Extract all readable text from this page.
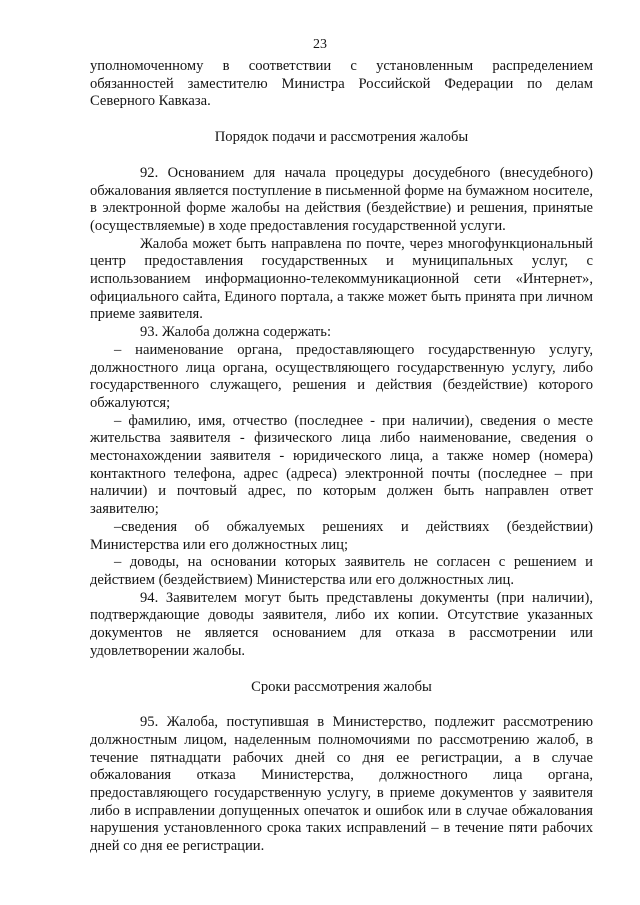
23

уполномоченному в соответствии с установленным распределением обязанностей заместителю Министра Российской Федерации по делам Северного Кавказа.

Порядок подачи и рассмотрения жалобы

92. Основанием для начала процедуры досудебного (внесудебного) обжалования является поступление в письменной форме на бумажном носителе, в электронной форме жалобы на действия (бездействие) и решения, принятые (осуществляемые) в ходе предоставления государственной услуги.

Жалоба может быть направлена по почте, через многофункциональный центр предоставления государственных и муниципальных услуг, с использованием информационно-телекоммуникационной сети «Интернет», официального сайта, Единого портала, а также может быть принята при личном приеме заявителя.

93. Жалоба должна содержать:

– наименование органа, предоставляющего государственную услугу, должностного лица органа, осуществляющего государственную услугу, либо государственного служащего, решения и действия (бездействие) которого обжалуются;

– фамилию, имя, отчество (последнее - при наличии), сведения о месте жительства заявителя - физического лица либо наименование, сведения о местонахождении заявителя - юридического лица, а также номер (номера) контактного телефона, адрес (адреса) электронной почты (последнее – при наличии) и почтовый адрес, по которым должен быть направлен ответ заявителю;

–сведения об обжалуемых решениях и действиях (бездействии) Министерства или его должностных лиц;

– доводы, на основании которых заявитель не согласен с решением и действием (бездействием) Министерства или его должностных лиц.

94. Заявителем могут быть представлены документы (при наличии), подтверждающие доводы заявителя, либо их копии. Отсутствие указанных документов не является основанием для отказа в рассмотрении или удовлетворении жалобы.

Сроки рассмотрения жалобы

95. Жалоба, поступившая в Министерство, подлежит рассмотрению должностным лицом, наделенным полномочиями по рассмотрению жалоб, в течение пятнадцати рабочих дней со дня ее регистрации, а в случае обжалования отказа Министерства, должностного лица органа, предоставляющего государственную услугу, в приеме документов у заявителя либо в исправлении допущенных опечаток и ошибок или в случае обжалования нарушения установленного срока таких исправлений – в течение пяти рабочих дней со дня ее регистрации.
